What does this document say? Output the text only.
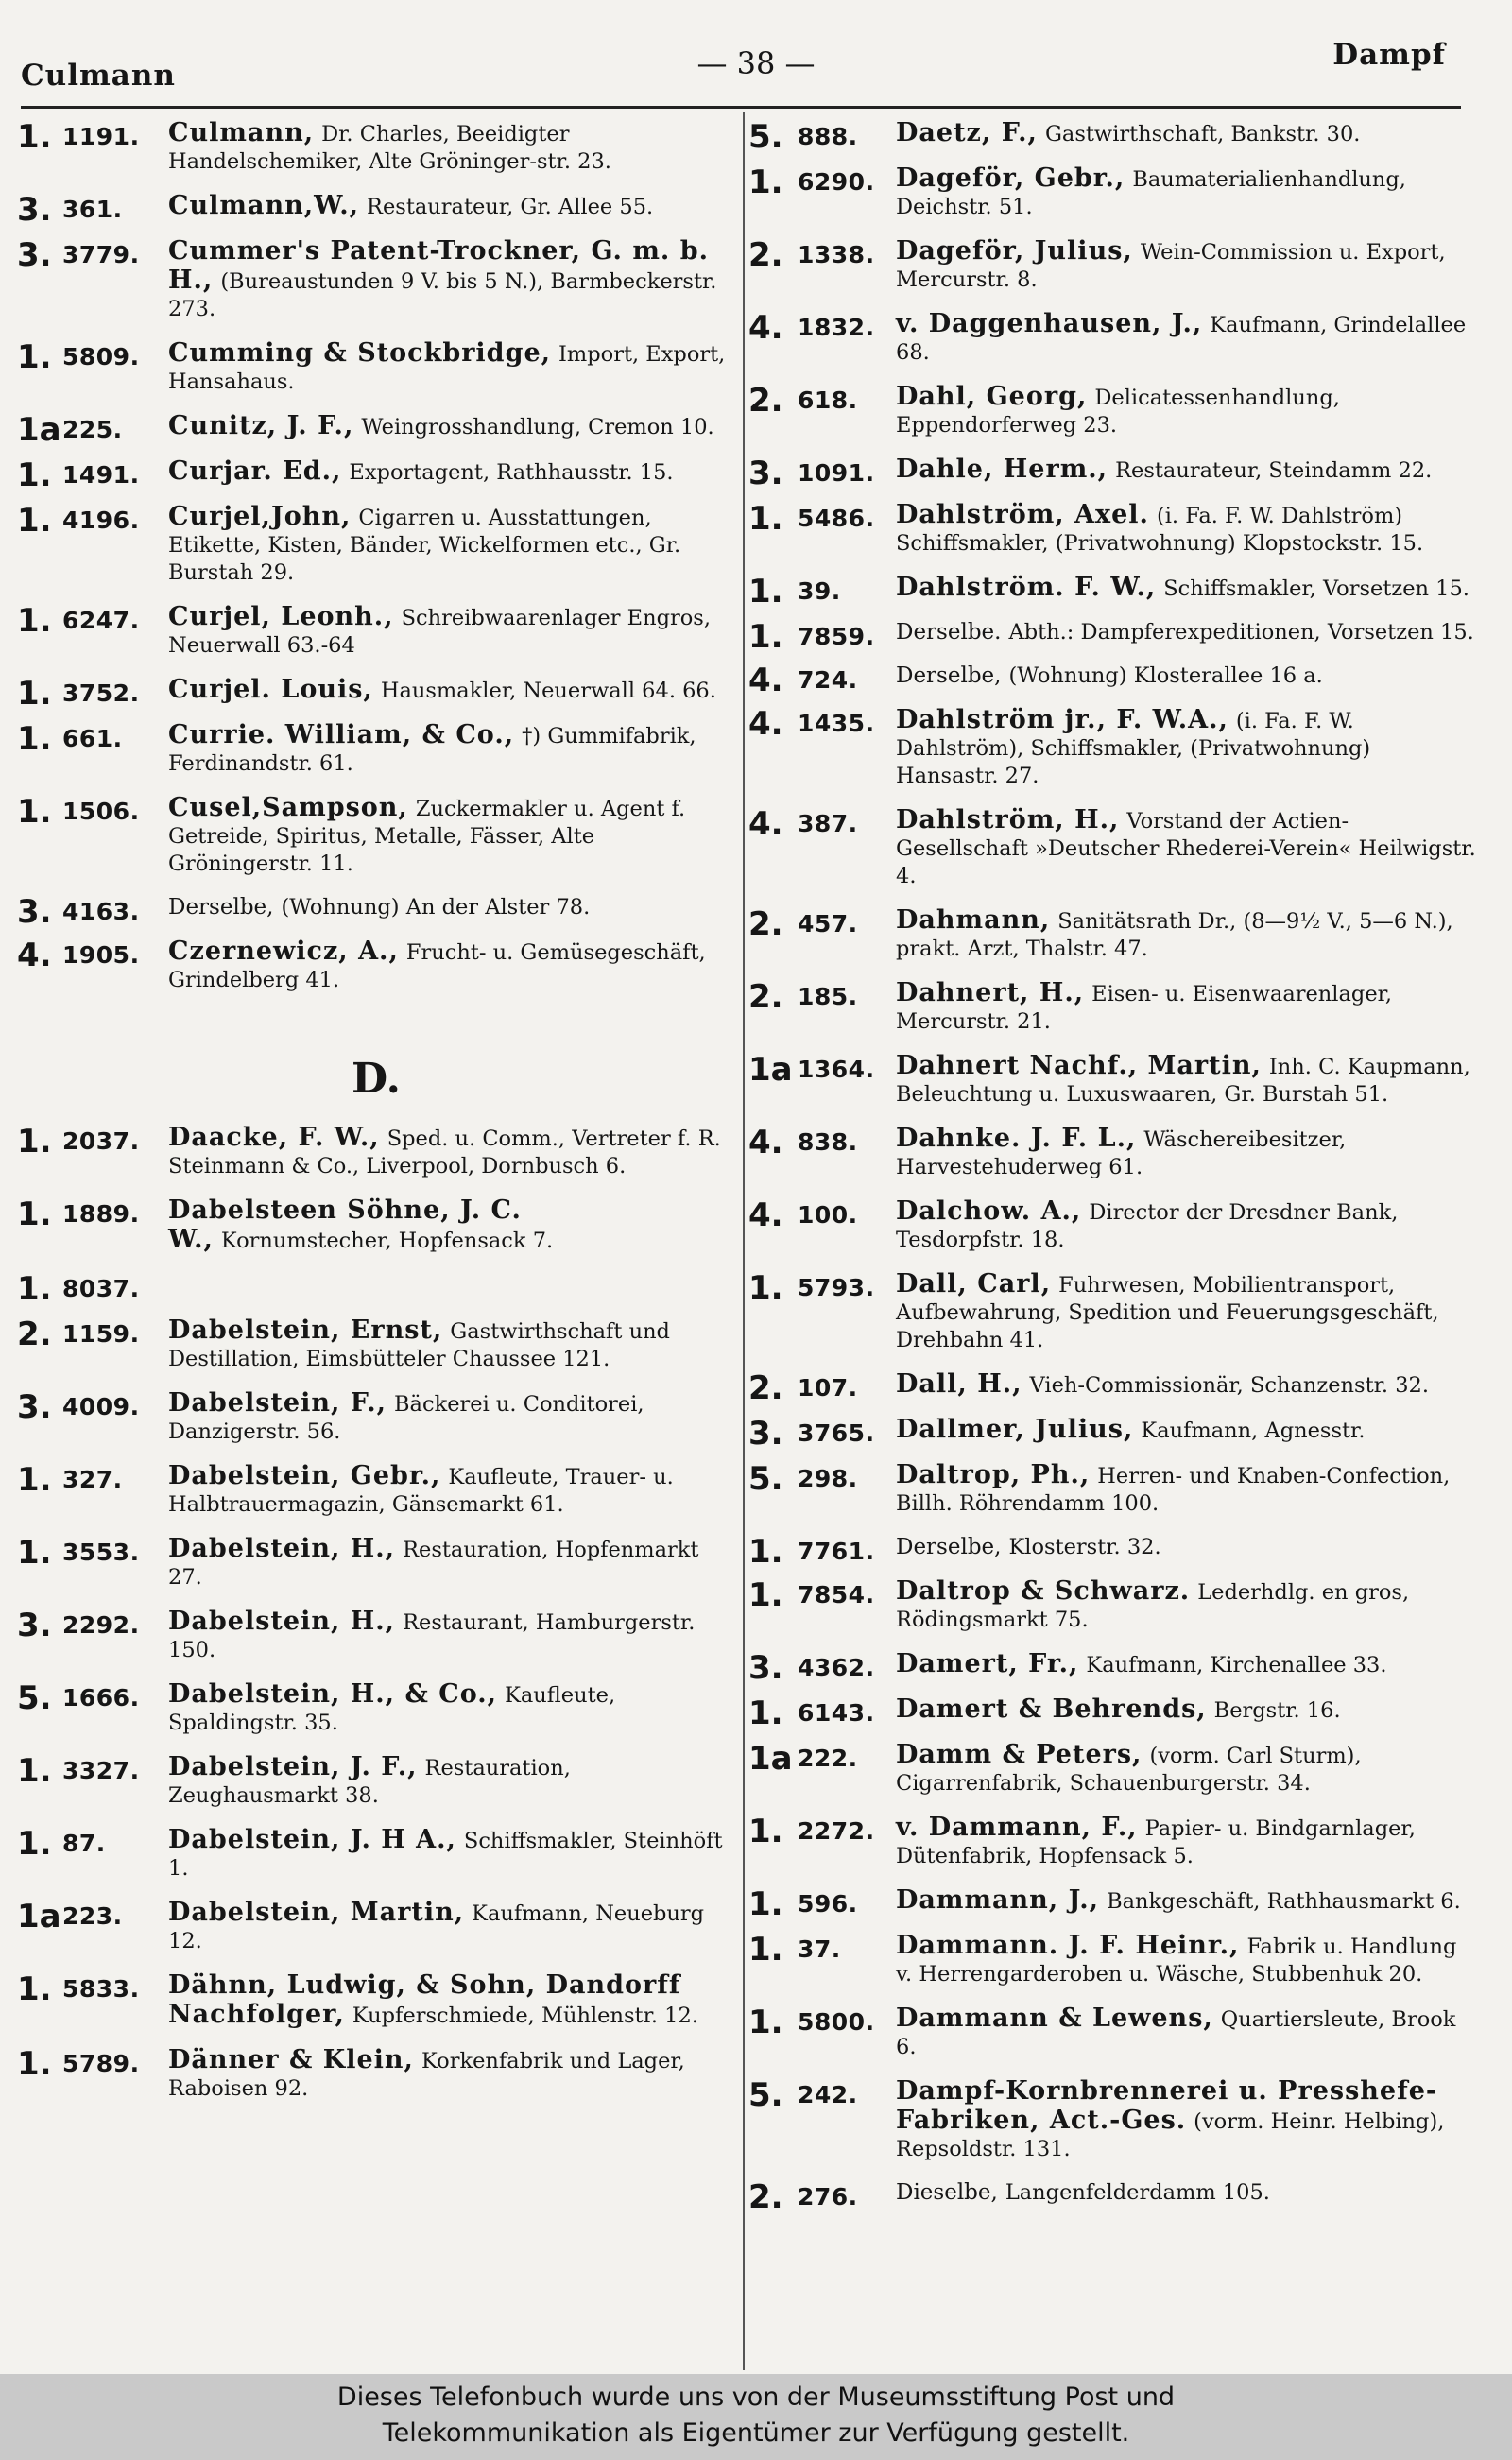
Culmann	— 38 —	Dampf
1. 1191. Culmann, Dr. Charles, Beeidigter Handelschemiker, Alte Gröninger-str. 23.
3. 361. Culmann,W., Restaurateur, Gr. Allee 55.
3. 3779. Cummer's Patent-Trockner, G. m. b. H., (Bureaustunden 9 V. bis 5 N.), Barmbeckerstr. 273.
1. 5809. Cumming & Stockbridge, Import, Export, Hansahaus.
1a 225. Cunitz, J. F., Weingrosshandlung, Cremon 10.
1. 1491. Curjar. Ed., Exportagent, Rathhausstr. 15.
1. 4196. Curjel,John, Cigarren u. Ausstattungen, Etikette, Kisten, Bänder, Wickelformen etc., Gr. Burstah 29.
1. 6247. Curjel, Leonh., Schreibwaarenlager Engros, Neuerwall 63.-64
1. 3752. Curjel. Louis, Hausmakler, Neuerwall 64. 66.
1. 661. Currie. William, & Co., †) Gummifabrik, Ferdinandstr. 61.
1. 1506. Cusel,Sampson, Zuckermakler u. Agent f. Getreide, Spiritus, Metalle, Fässer, Alte Gröningerstr. 11.
3. 4163. Derselbe, (Wohnung) An der Alster 78.
4. 1905. Czernewicz, A., Frucht- u. Gemüsegeschäft, Grindelberg 41.
D.
1. 2037. Daacke, F. W., Sped. u. Comm., Vertreter f. R. Steinmann & Co., Liverpool, Dornbusch 6.
1. 1889. Dabelsteen Söhne, J. C. W., Kornumstecher, Hopfensack 7.
1. 8037.
2. 1159. Dabelstein, Ernst, Gastwirthschaft und Destillation, Eimsbütteler Chaussee 121.
3. 4009. Dabelstein, F., Bäckerei u. Conditorei, Danzigerstr. 56.
1. 327. Dabelstein, Gebr., Kaufleute, Trauer- u. Halbtrauermagazin, Gänsemarkt 61.
1. 3553. Dabelstein, H., Restauration, Hopfenmarkt 27.
3. 2292. Dabelstein, H., Restaurant, Hamburgerstr. 150.
5. 1666. Dabelstein, H., & Co., Kaufleute, Spaldingstr. 35.
1. 3327. Dabelstein, J. F., Restauration, Zeughausmarkt 38.
1. 87. Dabelstein, J. H A., Schiffsmakler, Steinhöft 1.
1a 223. Dabelstein, Martin, Kaufmann, Neueburg 12.
1. 5833. Dähnn, Ludwig, & Sohn, Dandorff Nachfolger, Kupferschmiede, Mühlenstr. 12.
1. 5789. Dänner & Klein, Korkenfabrik und Lager, Raboisen 92.
5. 888. Daetz, F., Gastwirthschaft, Bankstr. 30.
1. 6290. Dageför, Gebr., Baumaterialienhandlung, Deichstr. 51.
2. 1338. Dageför, Julius, Wein-Commission u. Export, Mercurstr. 8.
4. 1832. v. Daggenhausen, J., Kaufmann, Grindelallee 68.
2. 618. Dahl, Georg, Delicatessenhandlung, Eppendorferweg 23.
3. 1091. Dahle, Herm., Restaurateur, Steindamm 22.
1. 5486. Dahlström, Axel. (i. Fa. F. W. Dahlström) Schiffsmakler, (Privatwohnung) Klopstockstr. 15.
1. 39. Dahlström. F. W., Schiffsmakler, Vorsetzen 15.
1. 7859. Derselbe. Abth.: Dampferexpeditionen, Vorsetzen 15.
4. 724. Derselbe, (Wohnung) Klosterallee 16 a.
4. 1435. Dahlström jr., F. W.A., (i. Fa. F. W. Dahlström), Schiffsmakler, (Privatwohnung) Hansastr. 27.
4. 387. Dahlström, H., Vorstand der Actien-Gesellschaft »Deutscher Rhederei-Verein« Heilwigstr. 4.
2. 457. Dahmann, Sanitätsrath Dr., (8—9½ V., 5—6 N.), prakt. Arzt, Thalstr. 47.
2. 185. Dahnert, H., Eisen- u. Eisenwaarenlager, Mercurstr. 21.
1a 1364. Dahnert Nachf., Martin, Inh. C. Kaupmann, Beleuchtung u. Luxuswaaren, Gr. Burstah 51.
4. 838. Dahnke. J. F. L., Wäschereibesitzer, Harvestehuderweg 61.
4. 100. Dalchow. A., Director der Dresdner Bank, Tesdorpfstr. 18.
1. 5793. Dall, Carl, Fuhrwesen, Mobilientransport, Aufbewahrung, Spedition und Feuerungsgeschäft, Drehbahn 41.
2. 107. Dall, H., Vieh-Commissionär, Schanzenstr. 32.
3. 3765. Dallmer, Julius, Kaufmann, Agnesstr.
5. 298. Daltrop, Ph., Herren- und Knaben-Confection, Billh. Röhrendamm 100.
1. 7761. Derselbe, Klosterstr. 32.
1. 7854. Daltrop & Schwarz. Lederhdlg. en gros, Rödingsmarkt 75.
3. 4362. Damert, Fr., Kaufmann, Kirchenallee 33.
1. 6143. Damert & Behrends, Bergstr. 16.
1a 222. Damm & Peters, (vorm. Carl Sturm), Cigarrenfabrik, Schauenburgerstr. 34.
1. 2272. v. Dammann, F., Papier- u. Bindgarnlager, Dütenfabrik, Hopfensack 5.
1. 596. Dammann, J., Bankgeschäft, Rathhausmarkt 6.
1. 37. Dammann. J. F. Heinr., Fabrik u. Handlung v. Herrengarderoben u. Wäsche, Stubbenhuk 20.
1. 5800. Dammann & Lewens, Quartiersleute, Brook 6.
5. 242. Dampf-Kornbrennerei u. Presshefe-Fabriken, Act.-Ges. (vorm. Heinr. Helbing), Repsoldstr. 131.
2. 276. Dieselbe, Langenfelderdamm 105.
Dieses Telefonbuch wurde uns von der Museumsstiftung Post und
Telekommunikation als Eigentümer zur Verfügung gestellt.
